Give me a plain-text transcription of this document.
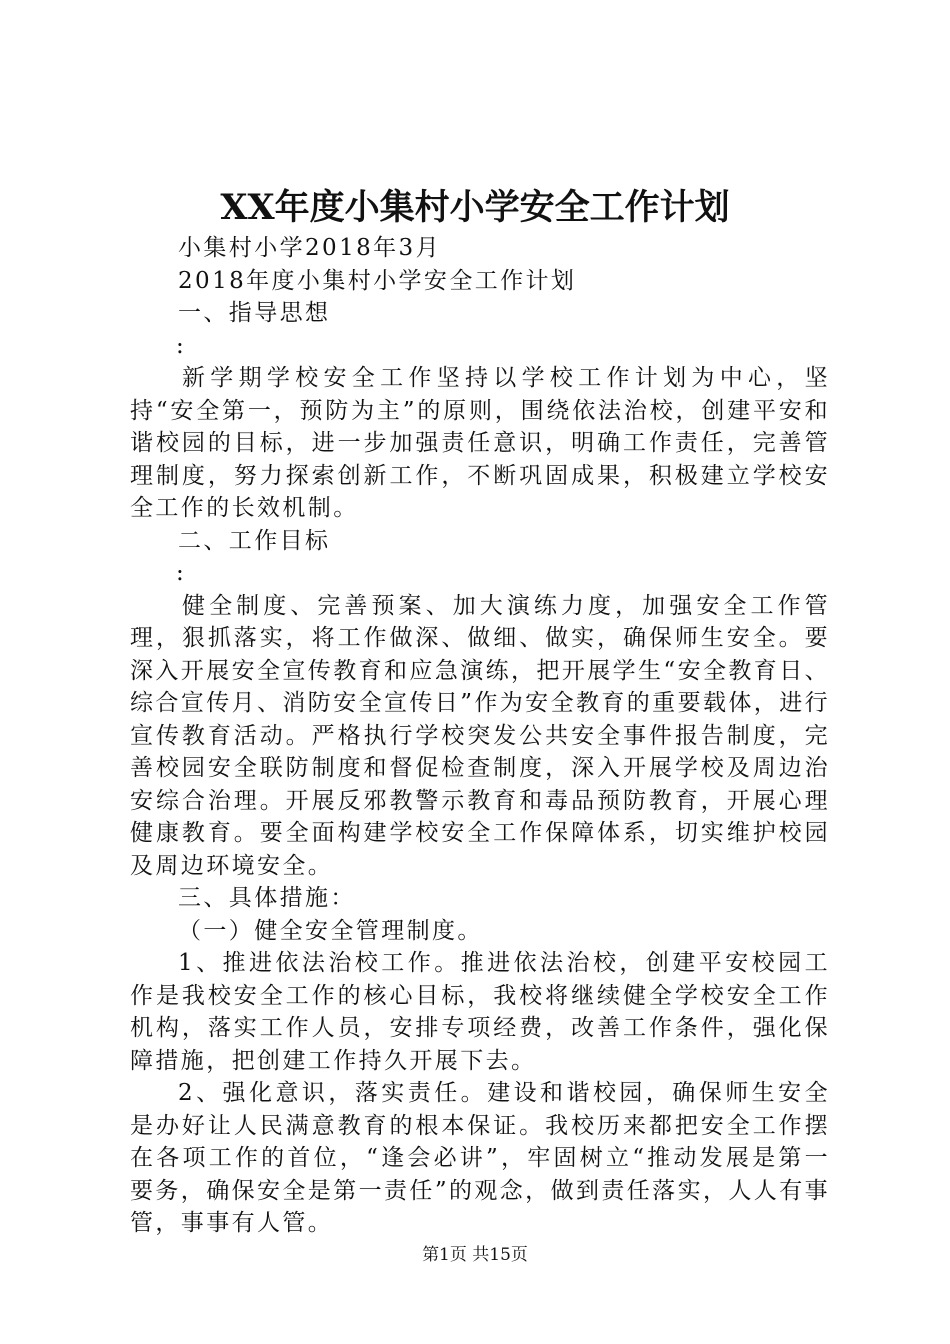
XX年度小集村小学安全工作计划

小集村小学2018年3月

2018年度小集村小学安全工作计划

一、指导思想

:

新学期学校安全工作坚持以学校工作计划为中心，坚持“安全第一，预防为主”的原则，围绕依法治校，创建平安和谐校园的目标，进一步加强责任意识，明确工作责任，完善管理制度，努力探索创新工作，不断巩固成果，积极建立学校安全工作的长效机制。

二、工作目标

:

健全制度、完善预案、加大演练力度，加强安全工作管理，狠抓落实，将工作做深、做细、做实，确保师生安全。要深入开展安全宣传教育和应急演练，把开展学生“安全教育日、综合宣传月、消防安全宣传日”作为安全教育的重要载体，进行宣传教育活动。严格执行学校突发公共安全事件报告制度，完善校园安全联防制度和督促检查制度，深入开展学校及周边治安综合治理。开展反邪教警示教育和毒品预防教育，开展心理健康教育。要全面构建学校安全工作保障体系，切实维护校园及周边环境安全。

三、具体措施：

（一）健全安全管理制度。

1、推进依法治校工作。推进依法治校，创建平安校园工作是我校安全工作的核心目标，我校将继续健全学校安全工作机构，落实工作人员，安排专项经费，改善工作条件，强化保障措施，把创建工作持久开展下去。

2、强化意识，落实责任。建设和谐校园，确保师生安全是办好让人民满意教育的根本保证。我校历来都把安全工作摆在各项工作的首位，“逢会必讲”，牢固树立“推动发展是第一要务，确保安全是第一责任”的观念，做到责任落实，人人有事管，事事有人管。

第1页 共15页
